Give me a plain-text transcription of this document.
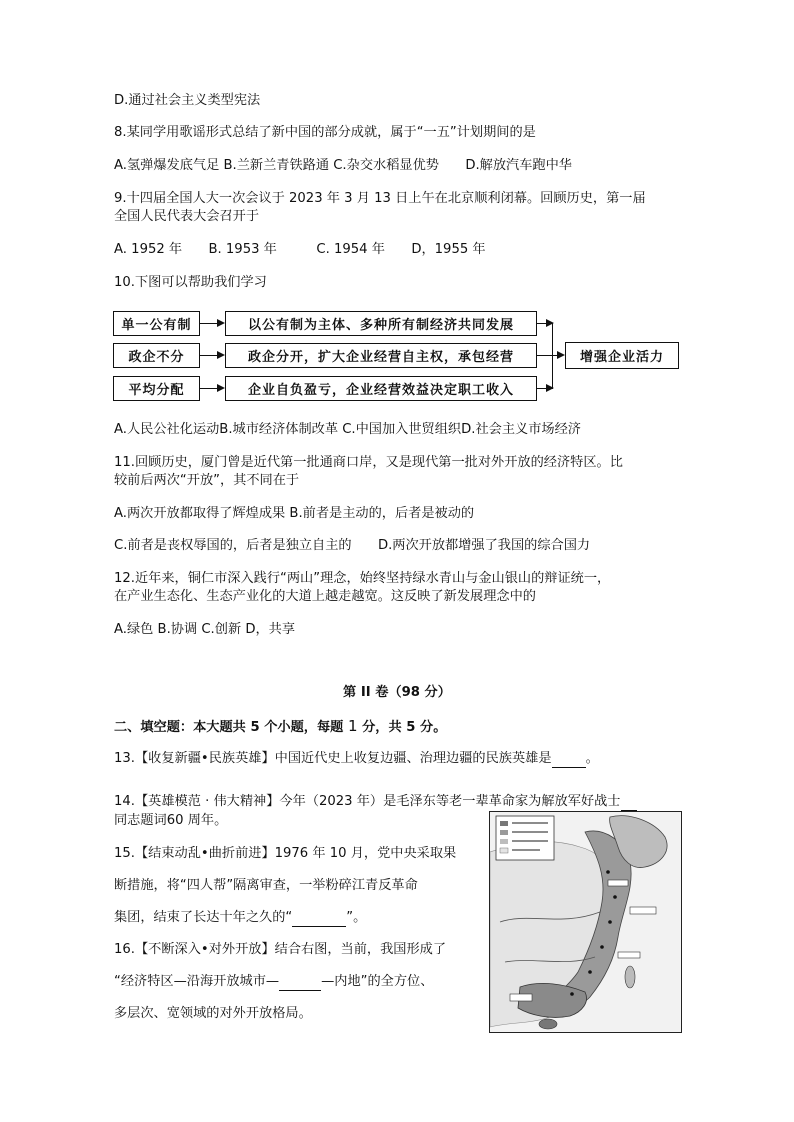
D.通过社会主义类型宪法
8.某同学用歌谣形式总结了新中国的部分成就，属于“一五”计划期间的是
A.氢弹爆发底气足 B.兰新兰青铁路通 C.杂交水稻显优势　　D.解放汽车跑中华
9.十四届全国人大一次会议于 2023 年 3 月 13 日上午在北京顺利闭幕。回顾历史，第一届
全国人民代表大会召开于
A. 1952 年　　B. 1953 年　　　C. 1954 年　　D，1955 年
10.下图可以帮助我们学习
单一公有制
政企不分
平均分配
以公有制为主体、多种所有制经济共同发展
政企分开，扩大企业经营自主权，承包经营
企业自负盈亏，企业经营效益决定职工收入
增强企业活力
A.人民公社化运动B.城市经济体制改革 C.中国加入世贸组织D.社会主义市场经济
11.回顾历史，厦门曾是近代第一批通商口岸，又是现代第一批对外开放的经济特区。比
较前后两次“开放”，其不同在于
A.两次开放都取得了辉煌成果 B.前者是主动的，后者是被动的
C.前者是丧权辱国的，后者是独立自主的　　D.两次开放都增强了我国的综合国力
12.近年来，铜仁市深入践行“两山”理念，始终坚持绿水青山与金山银山的辩证统一，
在产业生态化、生态产业化的大道上越走越宽。这反映了新发展理念中的
A.绿色 B.协调 C.创新 D，共享
第 II 卷（98 分）
二、填空题：本大题共 5 个小题，每题 1 分，共 5 分。
13.【收复新疆•民族英雄】中国近代史上收复边疆、治理边疆的民族英雄是	。
14.【英雄模范 · 伟大精神】今年（2023 年）是毛泽东等老一辈革命家为解放军好战士
同志题词60 周年。
15.【结束动乱•曲折前进】1976 年 10 月，党中央采取果
断措施，将“四人帮”隔离审查，一举粉碎江青反革命
集团，结束了长达十年之久的“	”。
16.【不断深入•对外开放】结合右图，当前，我国形成了
“经济特区—沿海开放城市—	—内地”的全方位、
多层次、宽领域的对外开放格局。
